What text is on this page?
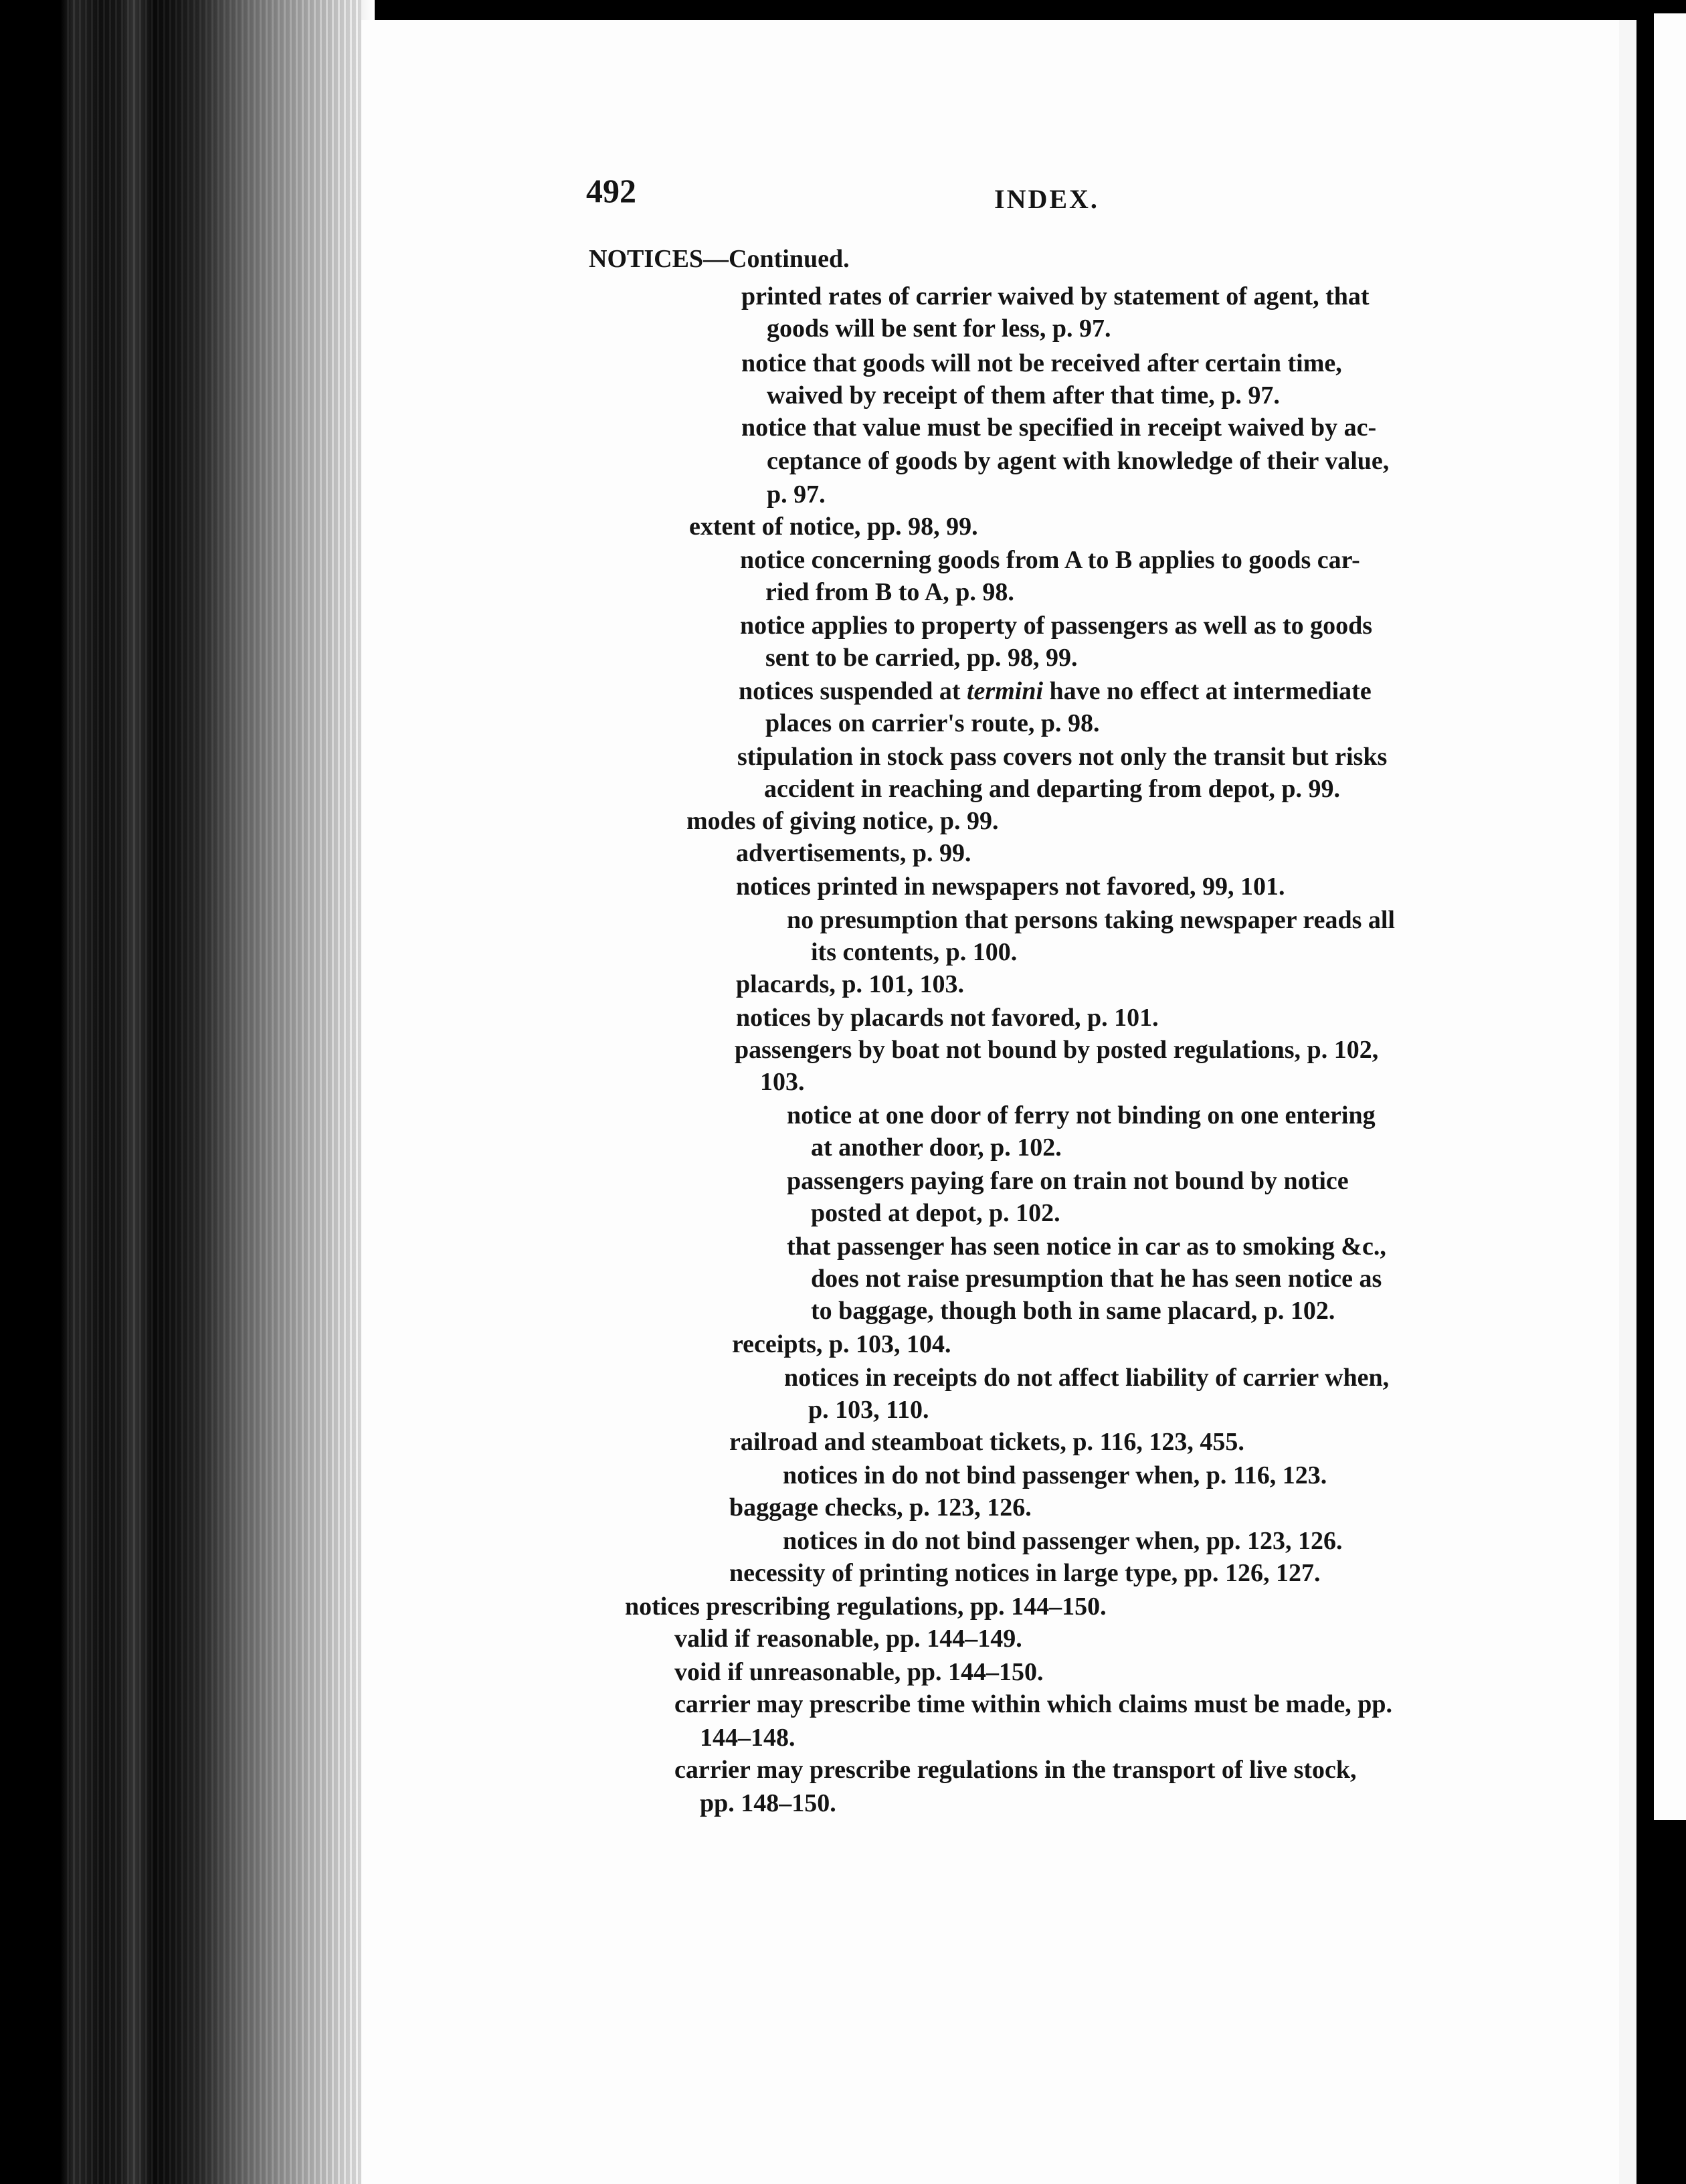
492	INDEX.
NOTICES—Continued.
printed rates of carrier waived by statement of agent, that
goods will be sent for less, p. 97.
notice that goods will not be received after certain time,
waived by receipt of them after that time, p. 97.
notice that value must be specified in receipt waived by ac-
ceptance of goods by agent with knowledge of their value,
p. 97.
extent of notice, pp. 98, 99.
notice concerning goods from A to B applies to goods car-
ried from B to A, p. 98.
notice applies to property of passengers as well as to goods
sent to be carried, pp. 98, 99.
notices suspended at termini have no effect at intermediate
places on carrier's route, p. 98.
stipulation in stock pass covers not only the transit but risks
accident in reaching and departing from depot, p. 99.
modes of giving notice, p. 99.
advertisements, p. 99.
notices printed in newspapers not favored, 99, 101.
no presumption that persons taking newspaper reads all
its contents, p. 100.
placards, p. 101, 103.
notices by placards not favored, p. 101.
passengers by boat not bound by posted regulations, p. 102,
103.
notice at one door of ferry not binding on one entering
at another door, p. 102.
passengers paying fare on train not bound by notice
posted at depot, p. 102.
that passenger has seen notice in car as to smoking &c.,
does not raise presumption that he has seen notice as
to baggage, though both in same placard, p. 102.
receipts, p. 103, 104.
notices in receipts do not affect liability of carrier when,
p. 103, 110.
railroad and steamboat tickets, p. 116, 123, 455.
notices in do not bind passenger when, p. 116, 123.
baggage checks, p. 123, 126.
notices in do not bind passenger when, pp. 123, 126.
necessity of printing notices in large type, pp. 126, 127.
notices prescribing regulations, pp. 144–150.
valid if reasonable, pp. 144–149.
void if unreasonable, pp. 144–150.
carrier may prescribe time within which claims must be made, pp.
144–148.
carrier may prescribe regulations in the transport of live stock,
pp. 148–150.
